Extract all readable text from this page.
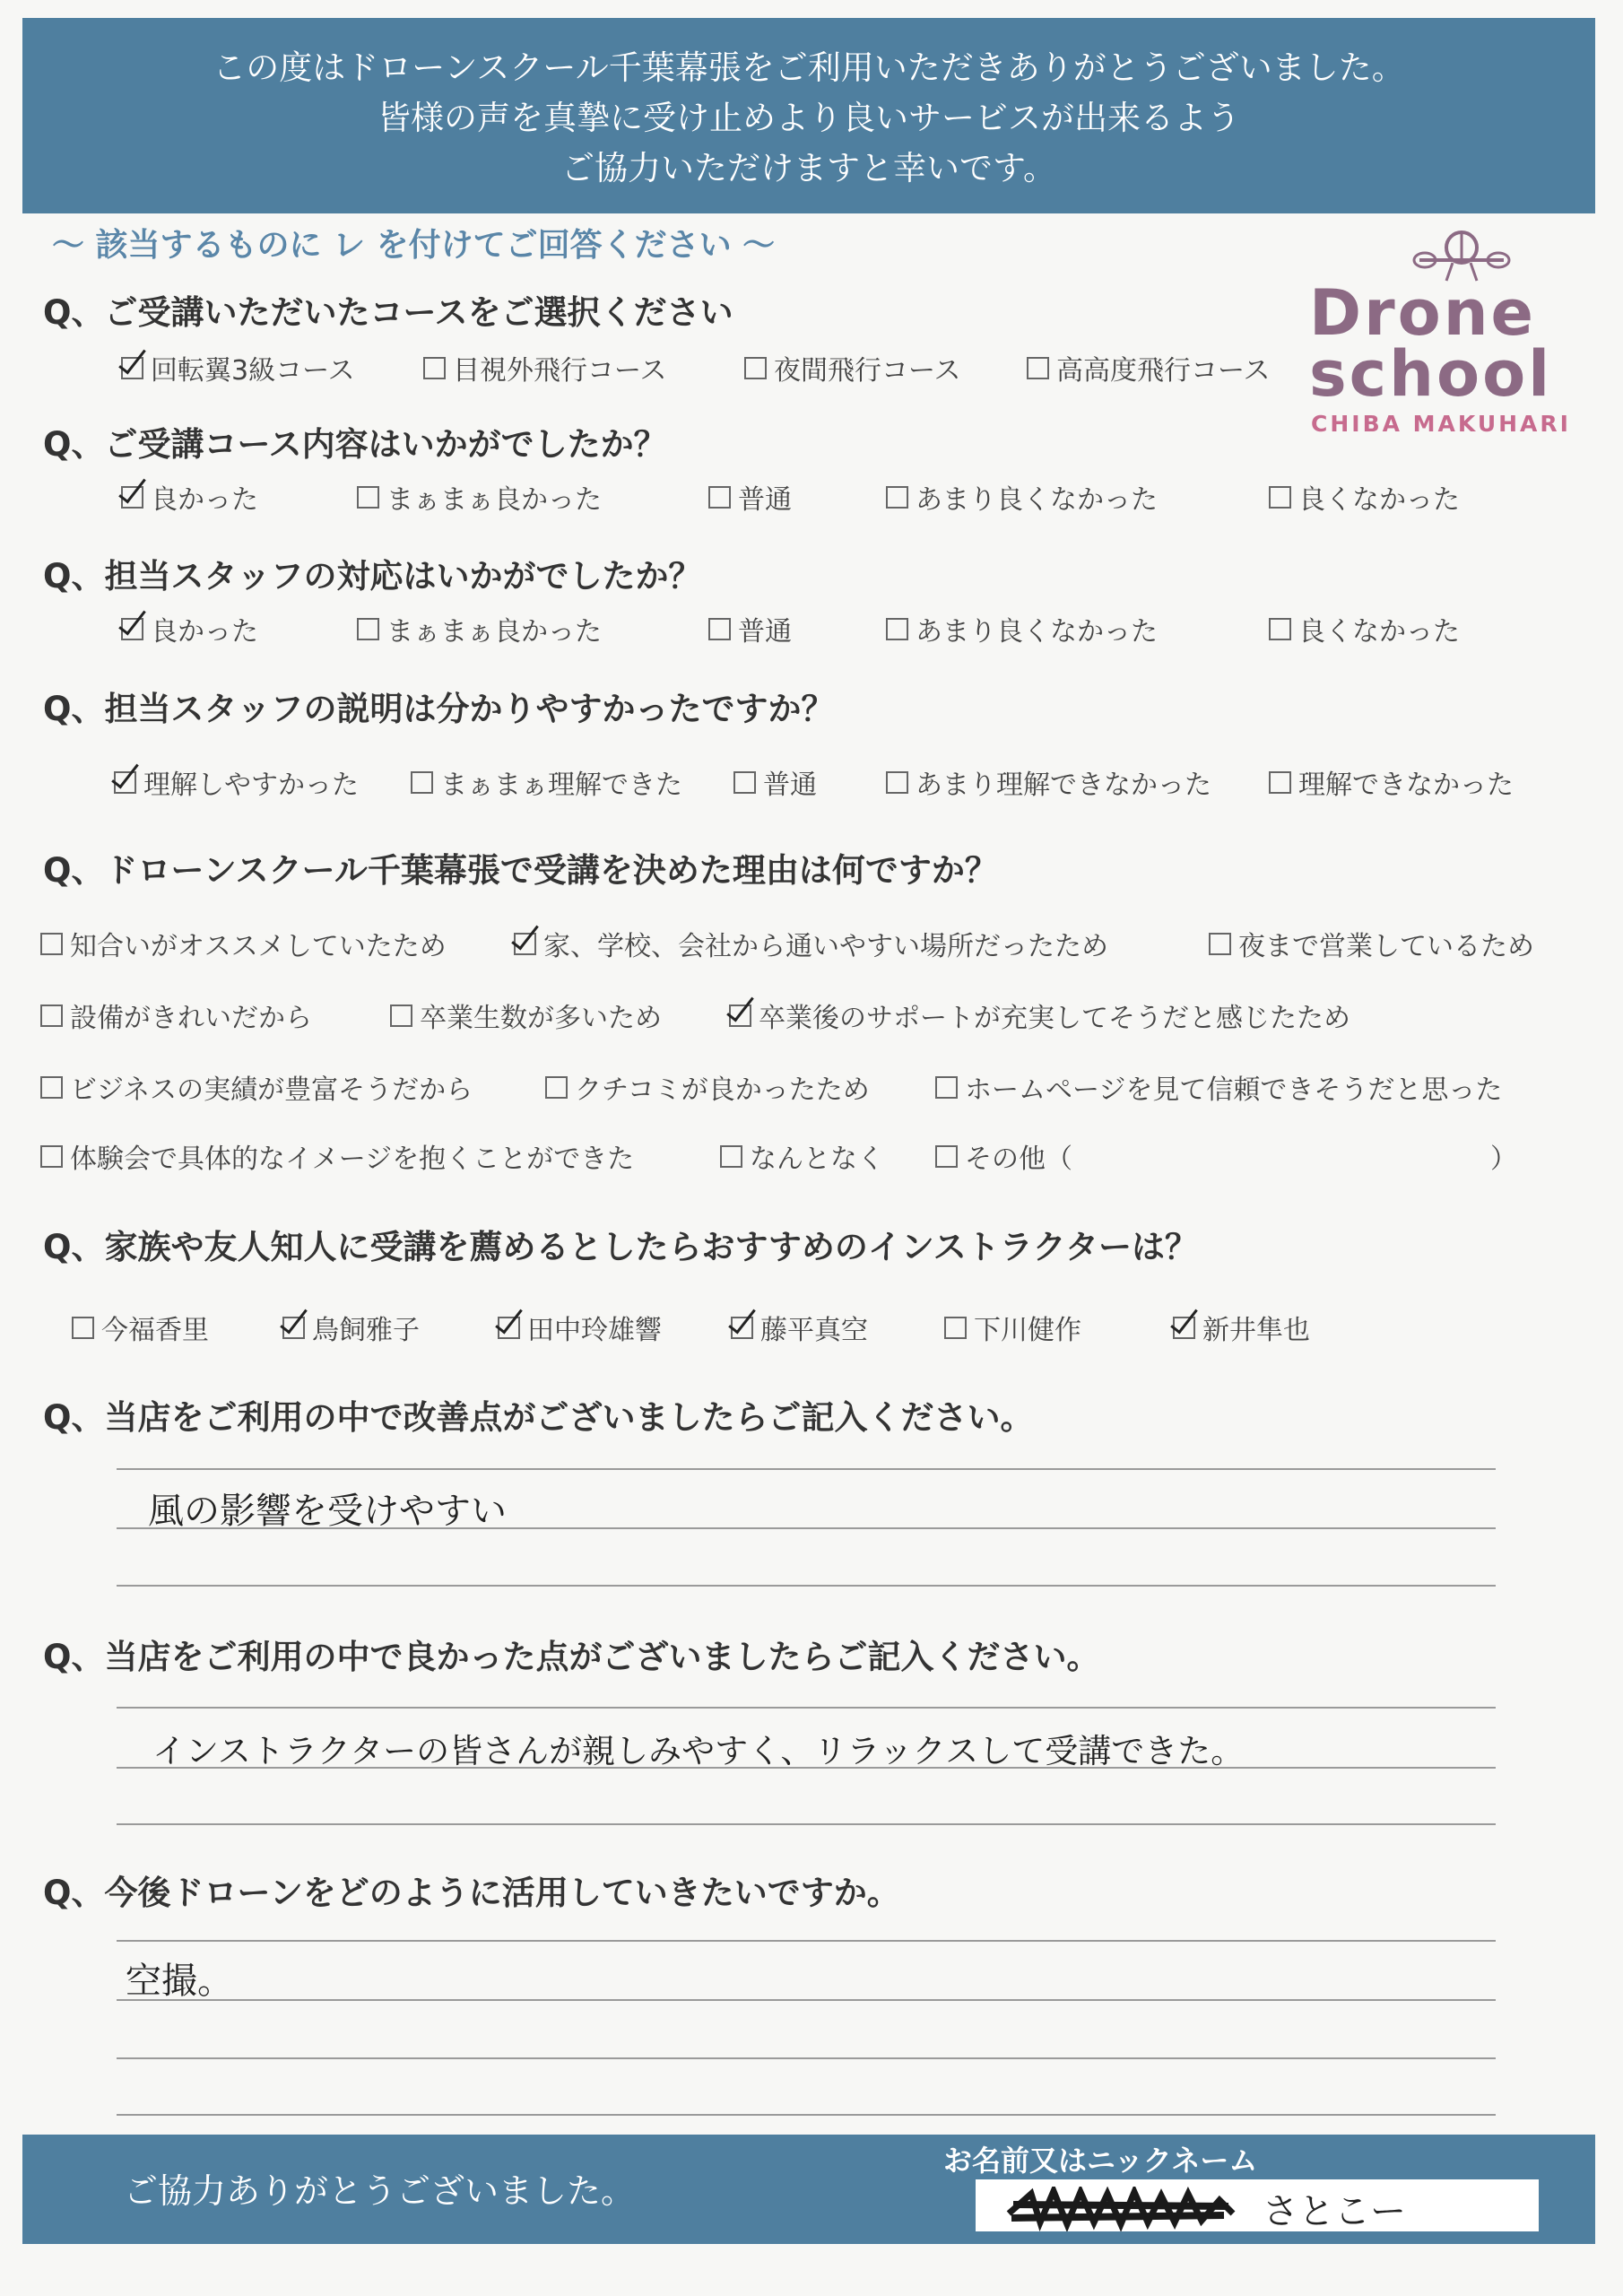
この度はドローンスクール千葉幕張をご利用いただきありがとうございました。
皆様の声を真摯に受け止めより良いサービスが出来るよう
ご協力いただけますと幸いです。
～ 該当するものに レ を付けてご回答ください ～
Drone
school
CHIBA MAKUHARI
Q、ご受講いただいたコースをご選択ください
回転翼3級コース	目視外飛行コース	夜間飛行コース	高高度飛行コース
Q、ご受講コース内容はいかがでしたか？
良かった	まぁまぁ良かった	普通	あまり良くなかった	良くなかった
Q、担当スタッフの対応はいかがでしたか？
良かった	まぁまぁ良かった	普通	あまり良くなかった	良くなかった
Q、担当スタッフの説明は分かりやすかったですか？
理解しやすかった	まぁまぁ理解できた	普通	あまり理解できなかった	理解できなかった
Q、ドローンスクール千葉幕張で受講を決めた理由は何ですか？
知合いがオススメしていたため	家、学校、会社から通いやすい場所だったため	夜まで営業しているため
設備がきれいだから	卒業生数が多いため	卒業後のサポートが充実してそうだと感じたため
ビジネスの実績が豊富そうだから	クチコミが良かったため	ホームページを見て信頼できそうだと思った
体験会で具体的なイメージを抱くことができた	なんとなく	その他（	）
Q、家族や友人知人に受講を薦めるとしたらおすすめのインストラクターは？
今福香里	鳥飼雅子	田中玲雄響	藤平真空	下川健作	新井隼也
Q、当店をご利用の中で改善点がございましたらご記入ください。
風の影響を受けやすい
Q、当店をご利用の中で良かった点がございましたらご記入ください。
インストラクターの皆さんが親しみやすく、リラックスして受講できた。
Q、今後ドローンをどのように活用していきたいですか。
空撮。
ご協力ありがとうございました。
お名前又はニックネーム
さとこー
